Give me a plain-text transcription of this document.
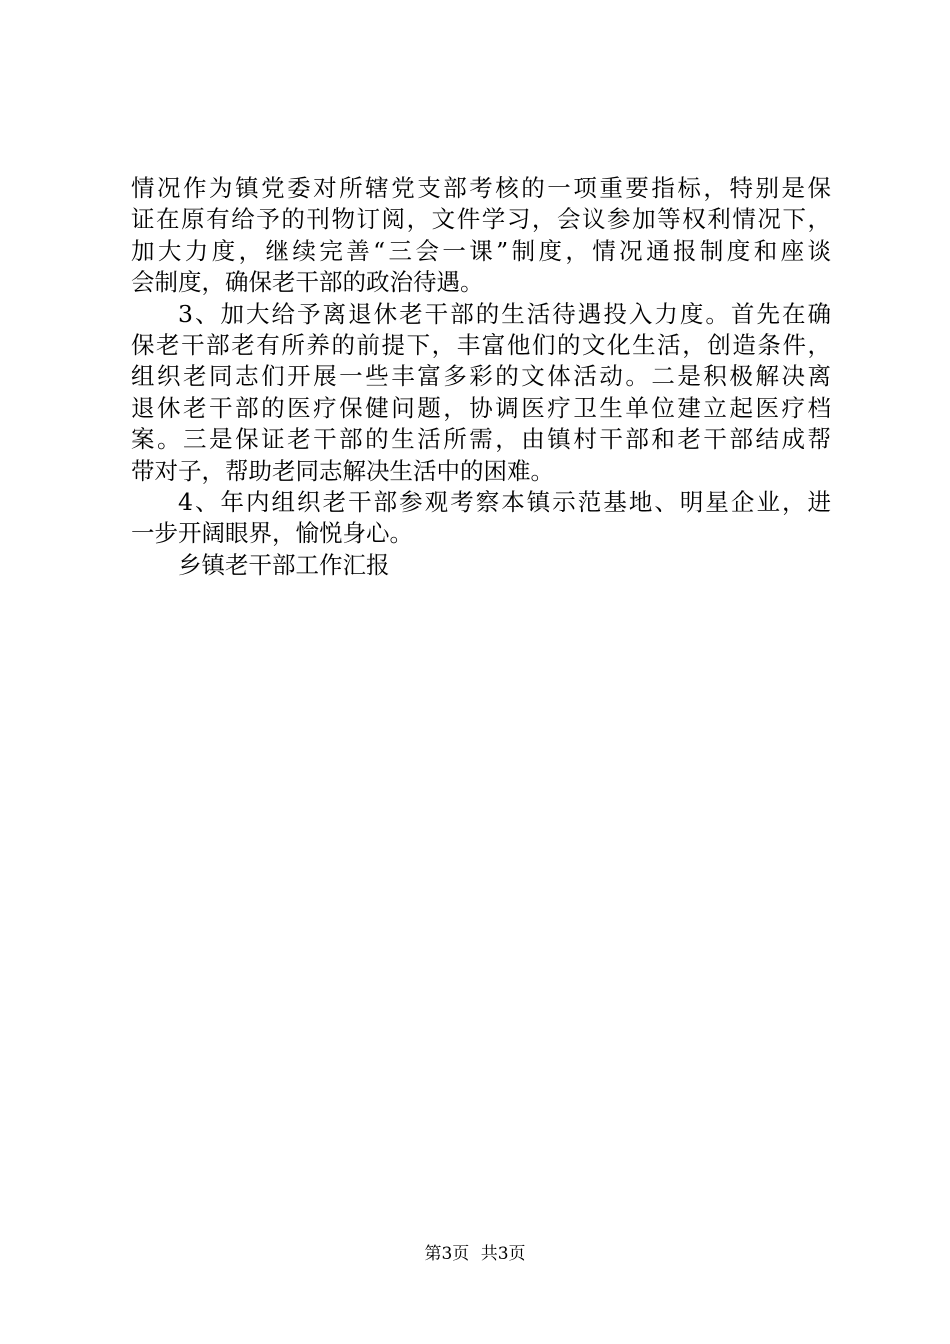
情况作为镇党委对所辖党支部考核的一项重要指标，特别是保
证在原有给予的刊物订阅，文件学习，会议参加等权利情况下，
加大力度，继续完善“三会一课”制度，情况通报制度和座谈
会制度，确保老干部的政治待遇。
3、加大给予离退休老干部的生活待遇投入力度。首先在确
保老干部老有所养的前提下，丰富他们的文化生活，创造条件，
组织老同志们开展一些丰富多彩的文体活动。二是积极解决离
退休老干部的医疗保健问题，协调医疗卫生单位建立起医疗档
案。三是保证老干部的生活所需，由镇村干部和老干部结成帮
带对子，帮助老同志解决生活中的困难。
4、年内组织老干部参观考察本镇示范基地、明星企业，进
一步开阔眼界，愉悦身心。
乡镇老干部工作汇报
第3页 共3页
